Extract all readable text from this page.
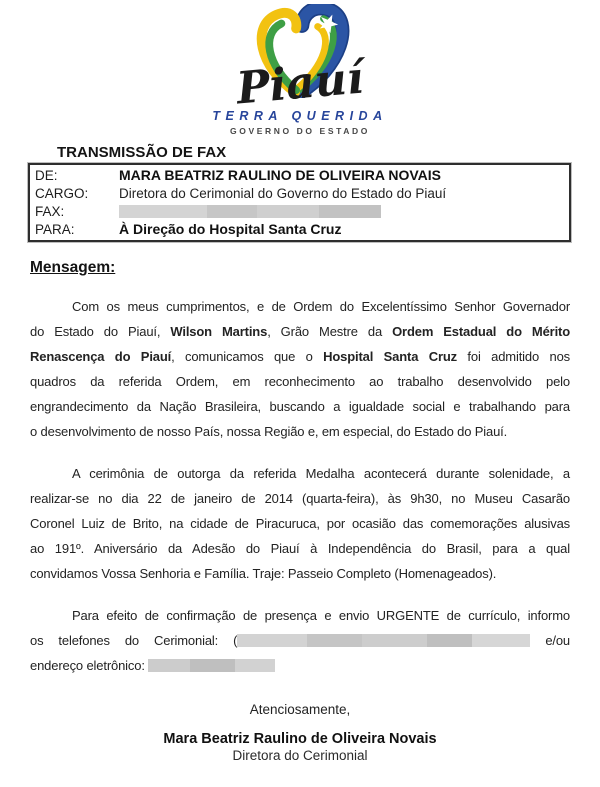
Piauí
TERRA QUERIDA
GOVERNO DO ESTADO
TRANSMISSÃO DE FAX
DE:	MARA BEATRIZ RAULINO DE OLIVEIRA NOVAIS
CARGO:	Diretora do Cerimonial do Governo do Estado do Piauí
FAX:
PARA:	À Direção do Hospital Santa Cruz
Mensagem:
Com os meus cumprimentos, e de Ordem do Excelentíssimo Senhor Governador
do Estado do Piauí, Wilson Martins, Grão Mestre da Ordem Estadual do Mérito
Renascença do Piauí, comunicamos que o Hospital Santa Cruz foi admitido nos
quadros da referida Ordem, em reconhecimento ao trabalho desenvolvido pelo
engrandecimento da Nação Brasileira, buscando a igualdade social e trabalhando para
o desenvolvimento de nosso País, nossa Região e, em especial, do Estado do Piauí.
A cerimônia de outorga da referida Medalha acontecerá durante solenidade, a
realizar-se no dia 22 de janeiro de 2014 (quarta-feira), às 9h30, no Museu Casarão
Coronel Luiz de Brito, na cidade de Piracuruca, por ocasião das comemorações alusivas
ao 191º. Aniversário da Adesão do Piauí à Independência do Brasil, para a qual
convidamos Vossa Senhoria e Família. Traje: Passeio Completo (Homenageados).
Para efeito de confirmação de presença e envio URGENTE de currículo, informo
os telefones do Cerimonial: (	e/ou
endereço eletrônico:
Atenciosamente,
Mara Beatriz Raulino de Oliveira Novais
Diretora do Cerimonial
